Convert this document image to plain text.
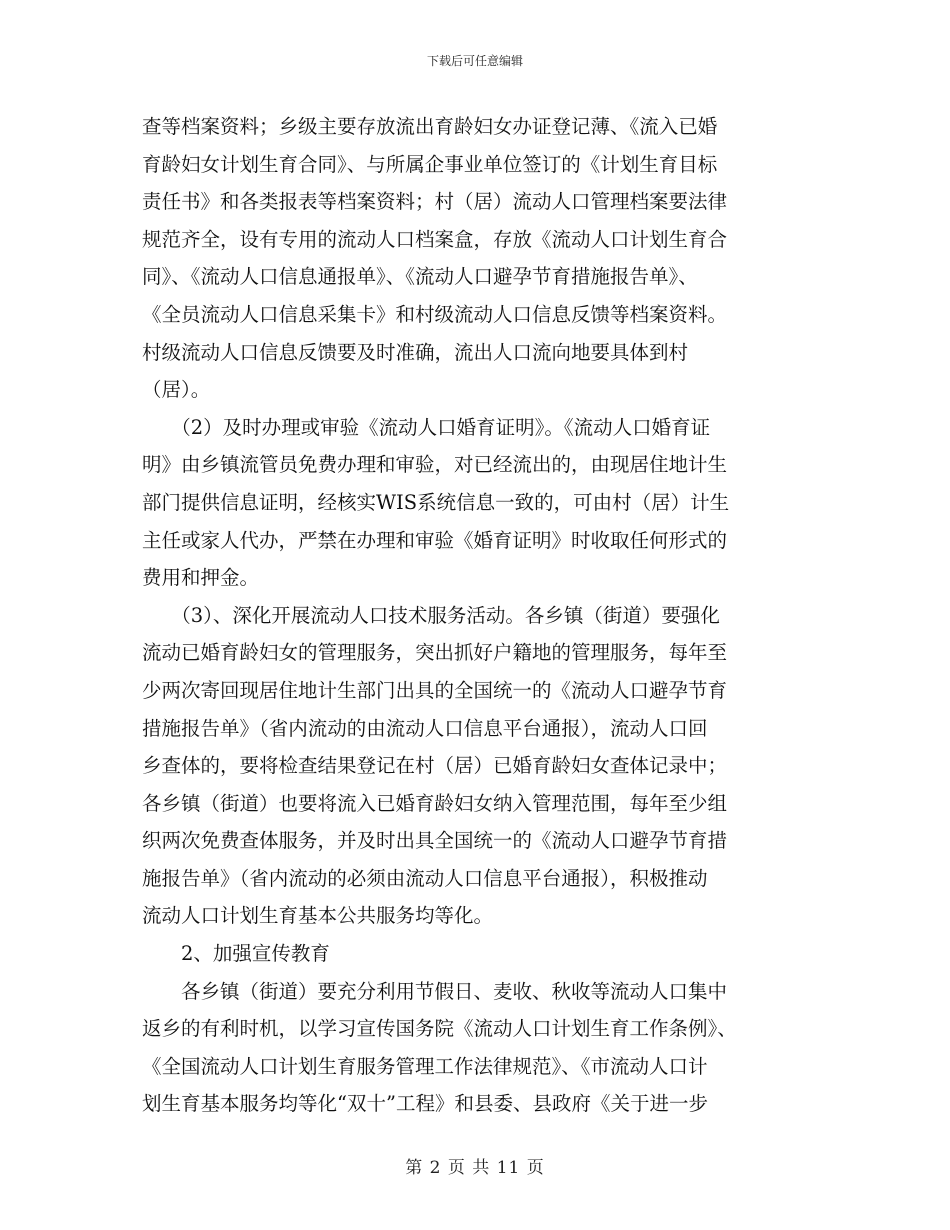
下载后可任意编辑
查等档案资料；乡级主要存放流出育龄妇女办证登记薄、《流入已婚
育龄妇女计划生育合同》、与所属企事业单位签订的《计划生育目标
责任书》和各类报表等档案资料；村（居）流动人口管理档案要法律
规范齐全，设有专用的流动人口档案盒，存放《流动人口计划生育合
同》、《流动人口信息通报单》、《流动人口避孕节育措施报告单》、
《全员流动人口信息采集卡》和村级流动人口信息反馈等档案资料。
村级流动人口信息反馈要及时准确，流出人口流向地要具体到村
（居）。
　　（2）及时办理或审验《流动人口婚育证明》。《流动人口婚育证
明》由乡镇流管员免费办理和审验，对已经流出的，由现居住地计生
部门提供信息证明，经核实WIS系统信息一致的，可由村（居）计生
主任或家人代办，严禁在办理和审验《婚育证明》时收取任何形式的
费用和押金。
　　（3）、深化开展流动人口技术服务活动。各乡镇（街道）要强化
流动已婚育龄妇女的管理服务，突出抓好户籍地的管理服务，每年至
少两次寄回现居住地计生部门出具的全国统一的《流动人口避孕节育
措施报告单》（省内流动的由流动人口信息平台通报），流动人口回
乡查体的，要将检查结果登记在村（居）已婚育龄妇女查体记录中；
各乡镇（街道）也要将流入已婚育龄妇女纳入管理范围，每年至少组
织两次免费查体服务，并及时出具全国统一的《流动人口避孕节育措
施报告单》（省内流动的必须由流动人口信息平台通报），积极推动
流动人口计划生育基本公共服务均等化。
　　2、加强宣传教育
　　各乡镇（街道）要充分利用节假日、麦收、秋收等流动人口集中
返乡的有利时机，以学习宣传国务院《流动人口计划生育工作条例》、
《全国流动人口计划生育服务管理工作法律规范》、《市流动人口计
划生育基本服务均等化“双十”工程》和县委、县政府《关于进一步
第 2 页 共 11 页
